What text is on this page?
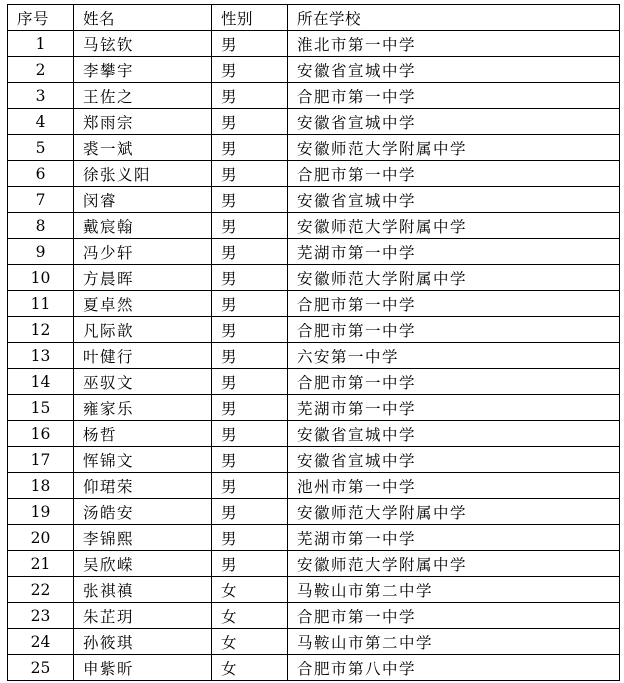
序号	姓名	性别	所在学校
1	马铉钦	男	淮北市第一中学
2	李攀宇	男	安徽省宣城中学
3	王佐之	男	合肥市第一中学
4	郑雨宗	男	安徽省宣城中学
5	裘一斌	男	安徽师范大学附属中学
6	徐张义阳	男	合肥市第一中学
7	闵睿	男	安徽省宣城中学
8	戴宸翰	男	安徽师范大学附属中学
9	冯少轩	男	芜湖市第一中学
10	方晨晖	男	安徽师范大学附属中学
11	夏卓然	男	合肥市第一中学
12	凡际歆	男	合肥市第一中学
13	叶健行	男	六安第一中学
14	巫驭文	男	合肥市第一中学
15	雍家乐	男	芜湖市第一中学
16	杨哲	男	安徽省宣城中学
17	恽锦文	男	安徽省宣城中学
18	仰珺荣	男	池州市第一中学
19	汤皓安	男	安徽师范大学附属中学
20	李锦熙	男	芜湖市第一中学
21	吴欣嵘	男	安徽师范大学附属中学
22	张祺禛	女	马鞍山市第二中学
23	朱芷玥	女	合肥市第一中学
24	孙筱琪	女	马鞍山市第二中学
25	申紫昕	女	合肥市第八中学
